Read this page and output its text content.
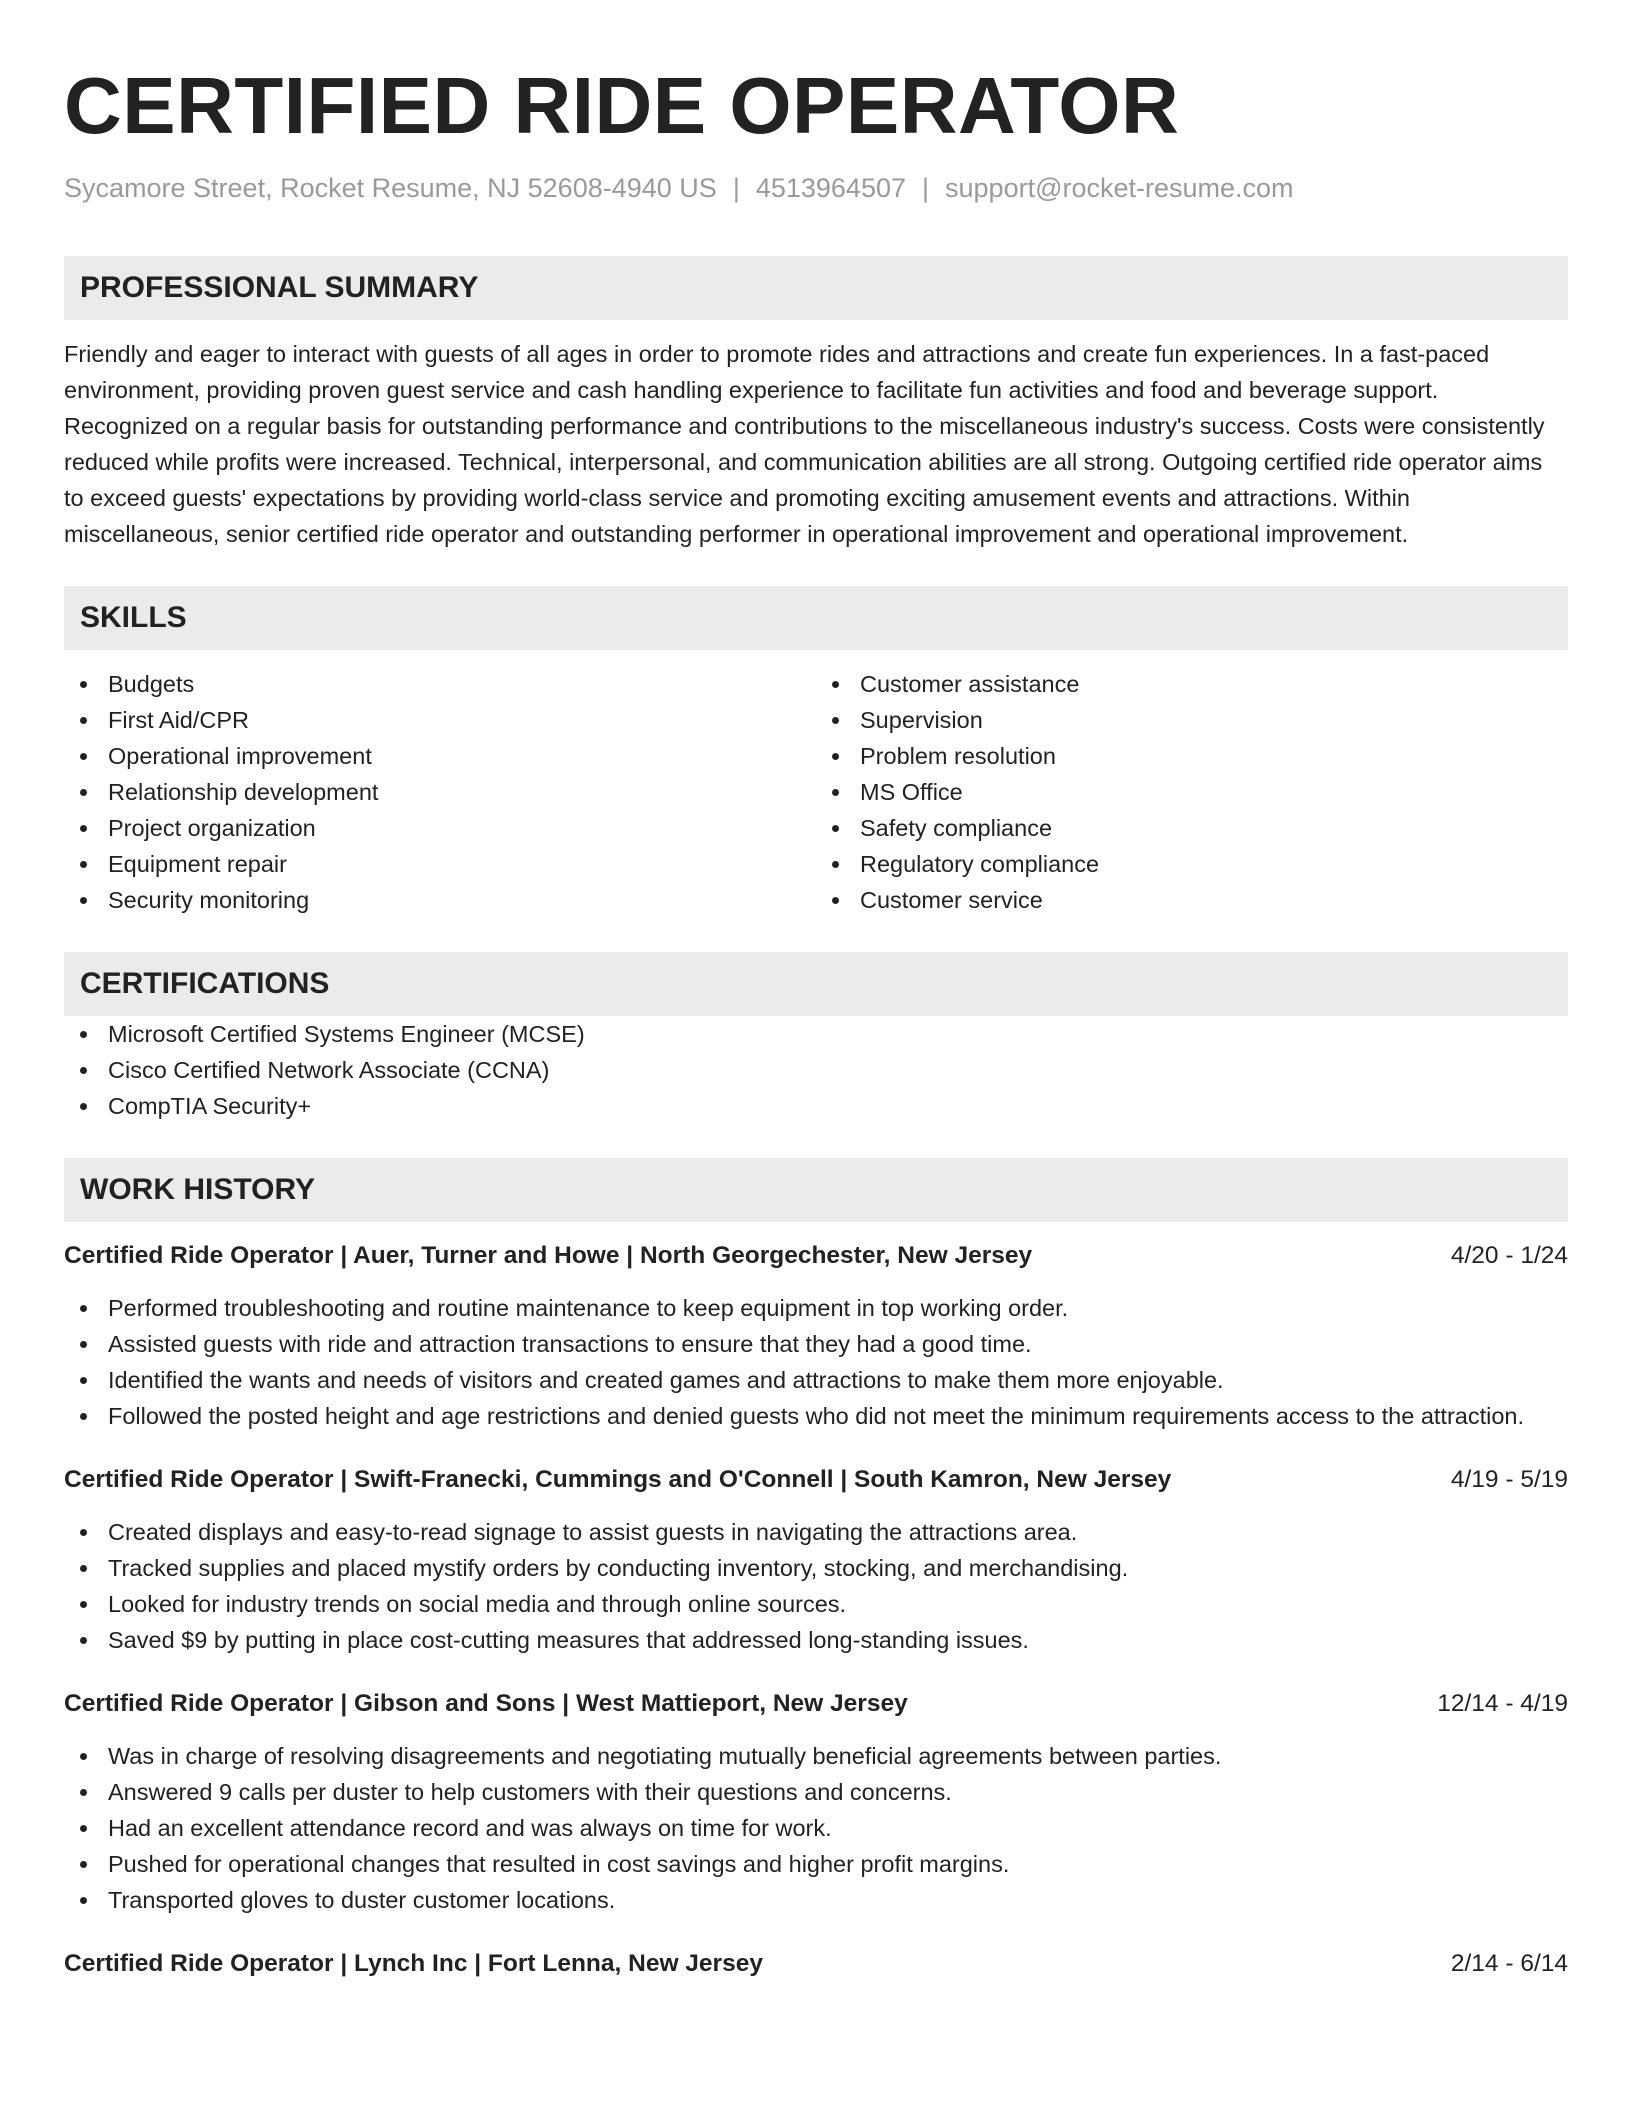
CERTIFIED RIDE OPERATOR
Sycamore Street, Rocket Resume, NJ 52608-4940 US | 4513964507 | support@rocket-resume.com
PROFESSIONAL SUMMARY
Friendly and eager to interact with guests of all ages in order to promote rides and attractions and create fun experiences. In a fast-paced environment, providing proven guest service and cash handling experience to facilitate fun activities and food and beverage support. Recognized on a regular basis for outstanding performance and contributions to the miscellaneous industry's success. Costs were consistently reduced while profits were increased. Technical, interpersonal, and communication abilities are all strong. Outgoing certified ride operator aims to exceed guests' expectations by providing world-class service and promoting exciting amusement events and attractions. Within miscellaneous, senior certified ride operator and outstanding performer in operational improvement and operational improvement.
SKILLS
Budgets
First Aid/CPR
Operational improvement
Relationship development
Project organization
Equipment repair
Security monitoring
Customer assistance
Supervision
Problem resolution
MS Office
Safety compliance
Regulatory compliance
Customer service
CERTIFICATIONS
Microsoft Certified Systems Engineer (MCSE)
Cisco Certified Network Associate (CCNA)
CompTIA Security+
WORK HISTORY
Certified Ride Operator | Auer, Turner and Howe | North Georgechester, New Jersey	4/20 - 1/24
Performed troubleshooting and routine maintenance to keep equipment in top working order.
Assisted guests with ride and attraction transactions to ensure that they had a good time.
Identified the wants and needs of visitors and created games and attractions to make them more enjoyable.
Followed the posted height and age restrictions and denied guests who did not meet the minimum requirements access to the attraction.
Certified Ride Operator | Swift-Franecki, Cummings and O'Connell | South Kamron, New Jersey	4/19 - 5/19
Created displays and easy-to-read signage to assist guests in navigating the attractions area.
Tracked supplies and placed mystify orders by conducting inventory, stocking, and merchandising.
Looked for industry trends on social media and through online sources.
Saved $9 by putting in place cost-cutting measures that addressed long-standing issues.
Certified Ride Operator | Gibson and Sons | West Mattieport, New Jersey	12/14 - 4/19
Was in charge of resolving disagreements and negotiating mutually beneficial agreements between parties.
Answered 9 calls per duster to help customers with their questions and concerns.
Had an excellent attendance record and was always on time for work.
Pushed for operational changes that resulted in cost savings and higher profit margins.
Transported gloves to duster customer locations.
Certified Ride Operator | Lynch Inc | Fort Lenna, New Jersey	2/14 - 6/14
